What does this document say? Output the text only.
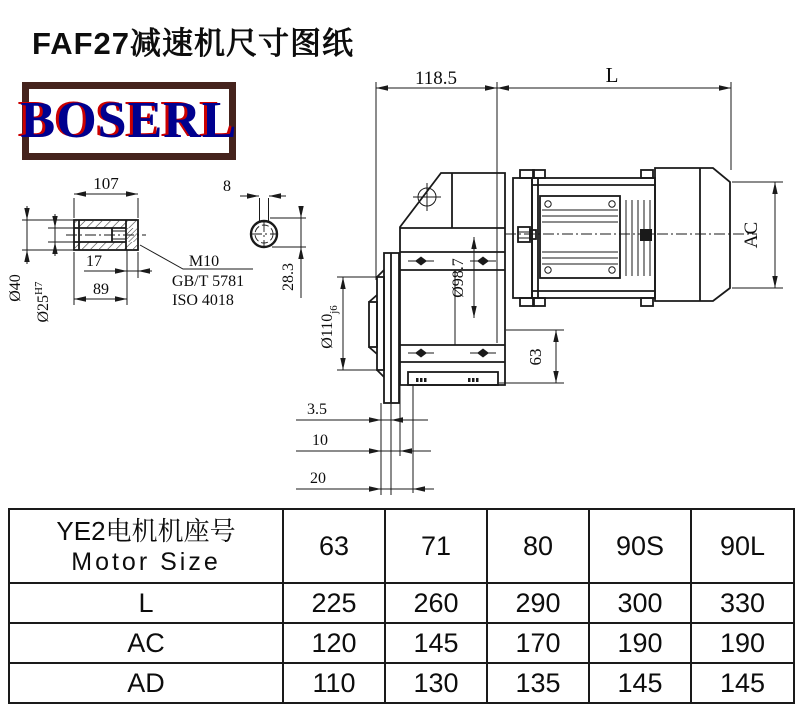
FAF27减速机尺寸图纸
BOSERL
107
17
89
Ø40
$Ø25^{H7}$
M10
GB/T 5781
ISO 4018
8
28.3
118.5	L
Ø98.7
$Ø110_{j6}$
63
AC
3.5
10
20
YE2电机机座号
Motor Size	63	71	80	90S	90L
L	225	260	290	300	330
AC	120	145	170	190	190
AD	110	130	135	145	145
